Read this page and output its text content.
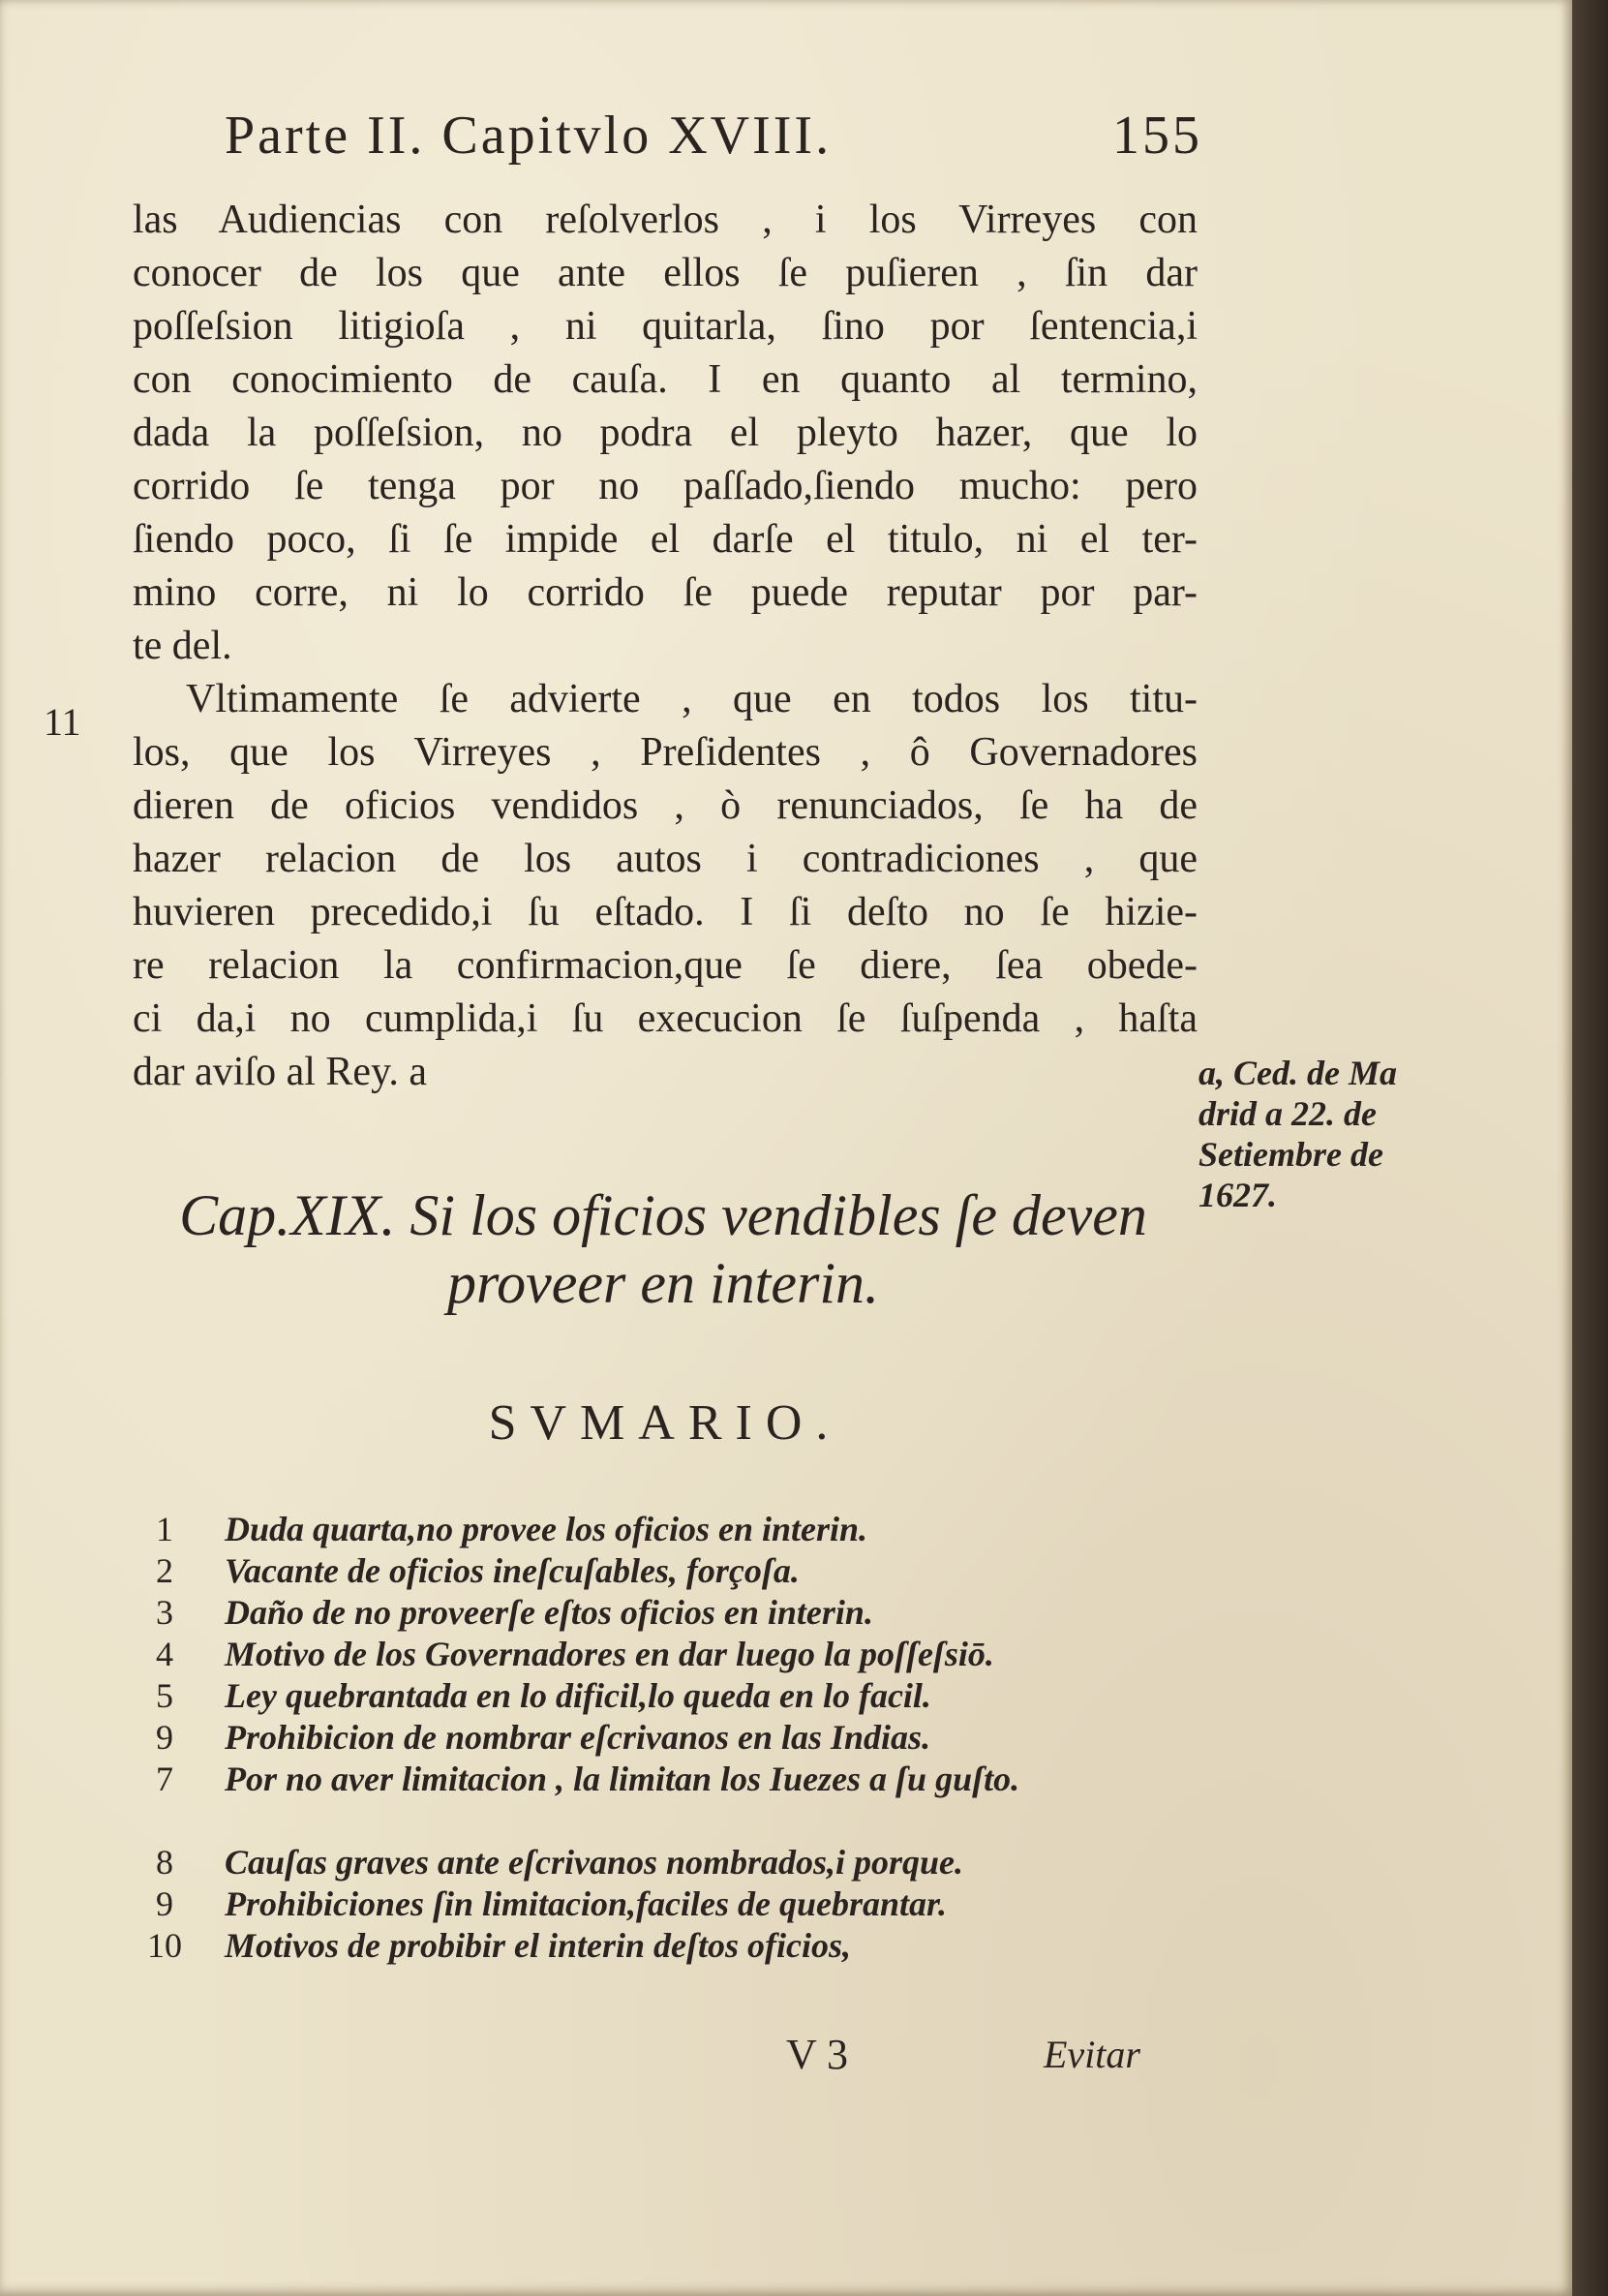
Parte II. Capitvlo XVIII.	155
las Audiencias con reſolverlos , i los Virreyes con
conocer de los que ante ellos ſe puſieren , ſin dar
poſſeſsion litigioſa , ni quitarla, ſino por ſentencia,i
con conocimiento de cauſa. I en quanto al termino,
dada la poſſeſsion, no podra el pleyto hazer, que lo
corrido ſe tenga por no paſſado,ſiendo mucho: pero
ſiendo poco, ſi ſe impide el darſe el titulo, ni el ter-
mino corre, ni lo corrido ſe puede reputar por par-
te del.
Vltimamente ſe advierte , que en todos los titu-
los, que los Virreyes , Preſidentes , ô Governadores
dieren de oficios vendidos , ò renunciados, ſe ha de
hazer relacion de los autos i contradiciones , que
huvieren precedido,i ſu eſtado. I ſi deſto no ſe hizie-
re relacion la confirmacion,que ſe diere, ſea obede-
ci da,i no cumplida,i ſu execucion ſe ſuſpenda , haſta
dar aviſo al Rey. a
11
a, Ced. de Ma
drid a 22. de
Setiembre de
1627.
Cap.XIX. Si los oficios vendibles ſe deven
proveer en interin.
SVMARIO.
1	Duda quarta,no provee los oficios en interin.
2	Vacante de oficios ineſcuſables, forçoſa.
3	Daño de no proveerſe eſtos oficios en interin.
4	Motivo de los Governadores en dar luego la poſſeſsiō.
5	Ley quebrantada en lo dificil,lo queda en lo facil.
9	Prohibicion de nombrar eſcrivanos en las Indias.
7	Por no aver limitacion , la limitan los Iuezes a ſu guſto.
8	Cauſas graves ante eſcrivanos nombrados,i porque.
9	Prohibiciones ſin limitacion,faciles de quebrantar.
10	Motivos de probibir el interin deſtos oficios,
V 3	Evitar
